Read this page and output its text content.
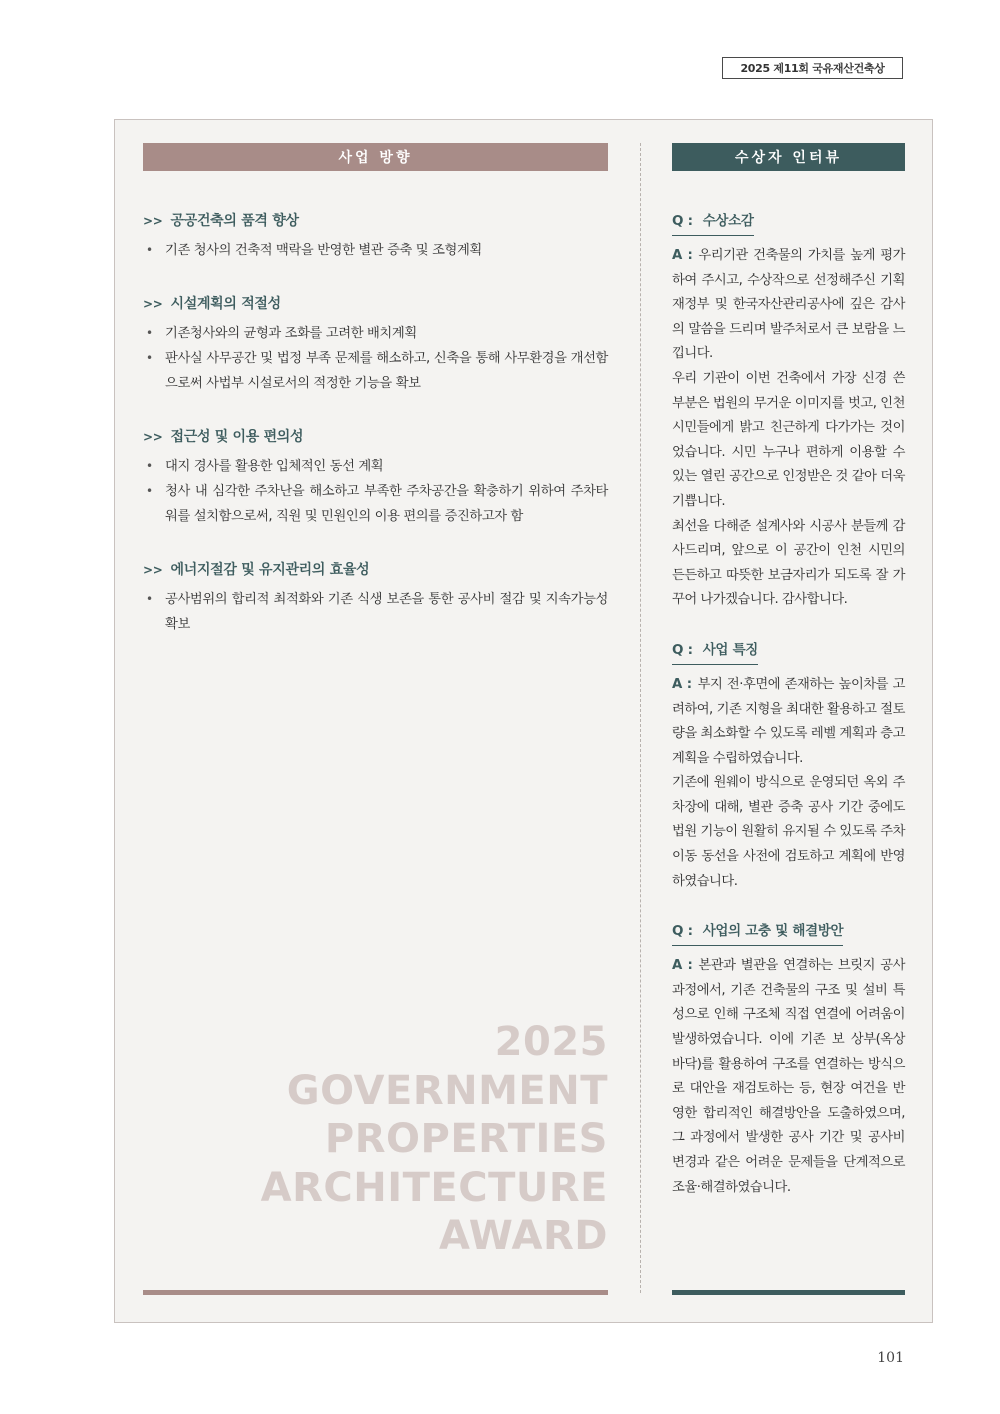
2025 제11회 국유재산건축상
사업 방향	수상자 인터뷰
>> 공공건축의 품격 향상
• 기존 청사의 건축적 맥락을 반영한 별관 증축 및 조형계획
>> 시설계획의 적절성
• 기존청사와의 균형과 조화를 고려한 배치계획
• 판사실 사무공간 및 법정 부족 문제를 해소하고, 신축을 통해 사무환경을 개선함으로써 사법부 시설로서의 적정한 기능을 확보
>> 접근성 및 이용 편의성
• 대지 경사를 활용한 입체적인 동선 계획
• 청사 내 심각한 주차난을 해소하고 부족한 주차공간을 확충하기 위하여 주차타워를 설치함으로써, 직원 및 민원인의 이용 편의를 증진하고자 함
>> 에너지절감 및 유지관리의 효율성
• 공사범위의 합리적 최적화와 기존 식생 보존을 통한 공사비 절감 및 지속가능성 확보
2025
GOVERNMENT
PROPERTIES
ARCHITECTURE
AWARD
Q : 수상소감

A : 우리기관 건축물의 가치를 높게 평가하여 주시고, 수상작으로 선정해주신 기획재정부 및 한국자산관리공사에 깊은 감사의 말씀을 드리며 발주처로서 큰 보람을 느낍니다.

우리 기관이 이번 건축에서 가장 신경 쓴 부분은 법원의 무거운 이미지를 벗고, 인천 시민들에게 밝고 친근하게 다가가는 것이었습니다. 시민 누구나 편하게 이용할 수 있는 열린 공간으로 인정받은 것 같아 더욱 기쁩니다.

최선을 다해준 설계사와 시공사 분들께 감사드리며, 앞으로 이 공간이 인천 시민의 든든하고 따뜻한 보금자리가 되도록 잘 가꾸어 나가겠습니다. 감사합니다.

Q : 사업 특징

A : 부지 전·후면에 존재하는 높이차를 고려하여, 기존 지형을 최대한 활용하고 절토량을 최소화할 수 있도록 레벨 계획과 층고 계획을 수립하였습니다.

기존에 원웨이 방식으로 운영되던 옥외 주차장에 대해, 별관 증축 공사 기간 중에도 법원 기능이 원활히 유지될 수 있도록 주차 이동 동선을 사전에 검토하고 계획에 반영하였습니다.

Q : 사업의 고충 및 해결방안

A : 본관과 별관을 연결하는 브릿지 공사 과정에서, 기존 건축물의 구조 및 설비 특성으로 인해 구조체 직접 연결에 어려움이 발생하였습니다. 이에 기존 보 상부(옥상 바닥)를 활용하여 구조를 연결하는 방식으로 대안을 재검토하는 등, 현장 여건을 반영한 합리적인 해결방안을 도출하였으며, 그 과정에서 발생한 공사 기간 및 공사비 변경과 같은 어려운 문제들을 단계적으로 조율·해결하였습니다.

101
